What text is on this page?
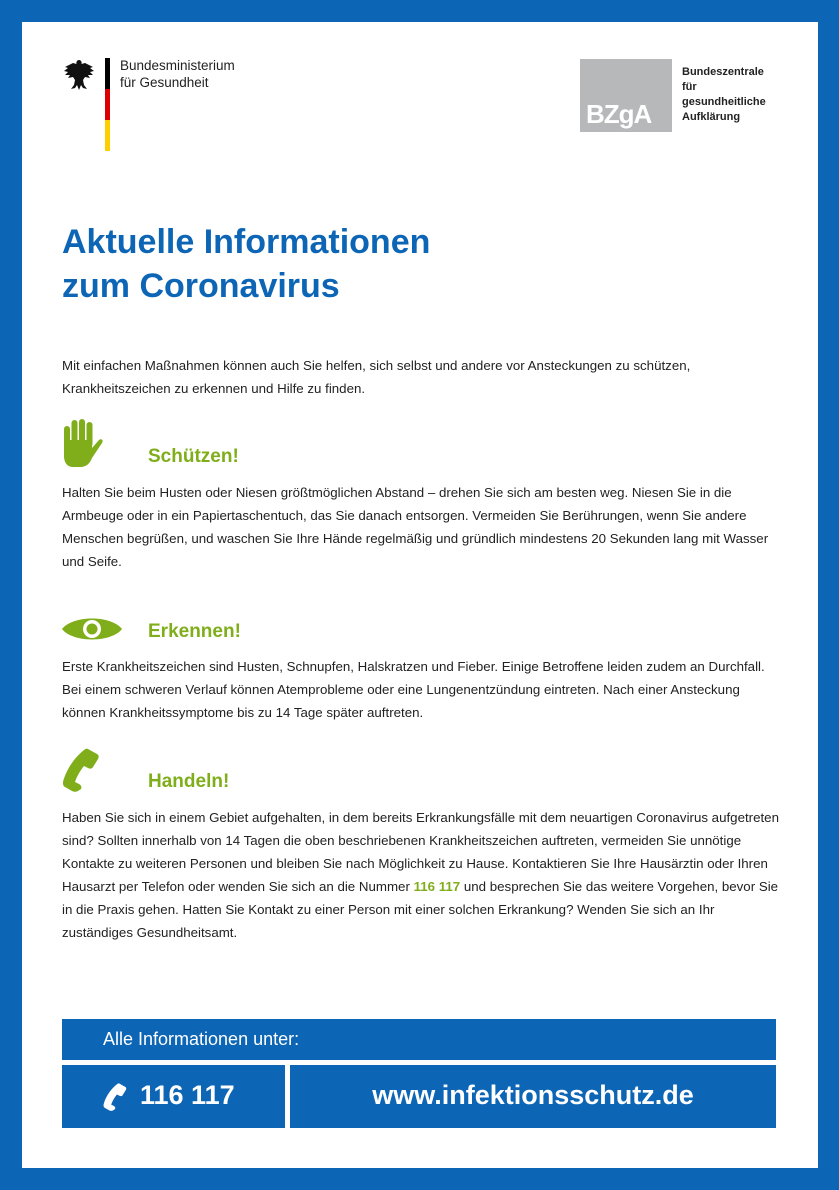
Bundesministerium
für Gesundheit
BZgA
Bundeszentrale
für
gesundheitliche
Aufklärung
Aktuelle Informationen
zum Coronavirus

Mit einfachen Maßnahmen können auch Sie helfen, sich selbst und andere vor Ansteckungen zu schützen, Krankheitszeichen zu erkennen und Hilfe zu finden.

Schützen!

Halten Sie beim Husten oder Niesen größtmöglichen Abstand – drehen Sie sich am besten weg. Niesen Sie in die Armbeuge oder in ein Papiertaschentuch, das Sie danach entsorgen. Vermeiden Sie Berührungen, wenn Sie andere Menschen begrüßen, und waschen Sie Ihre Hände regelmäßig und gründlich mindestens 20 Sekunden lang mit Wasser und Seife.

Erkennen!

Erste Krankheitszeichen sind Husten, Schnupfen, Halskratzen und Fieber. Einige Betroffene leiden zudem an Durchfall. Bei einem schweren Verlauf können Atemprobleme oder eine Lungenentzündung eintreten. Nach einer Ansteckung können Krankheitssymptome bis zu 14 Tage später auftreten.

Handeln!

Haben Sie sich in einem Gebiet aufgehalten, in dem bereits Erkrankungsfälle mit dem neuartigen Coronavirus aufgetreten sind? Sollten innerhalb von 14 Tagen die oben beschriebenen Krankheitszeichen auftreten, vermeiden Sie unnötige Kontakte zu weiteren Personen und bleiben Sie nach Möglichkeit zu Hause. Kontaktieren Sie Ihre Hausärztin oder Ihren Hausarzt per Telefon oder wenden Sie sich an die Nummer 116 117 und besprechen Sie das weitere Vorgehen, bevor Sie in die Praxis gehen. Hatten Sie Kontakt zu einer Person mit einer solchen Erkrankung? Wenden Sie sich an Ihr zuständiges Gesundheitsamt.

Alle Informationen unter:
116 117	www.infektionsschutz.de
